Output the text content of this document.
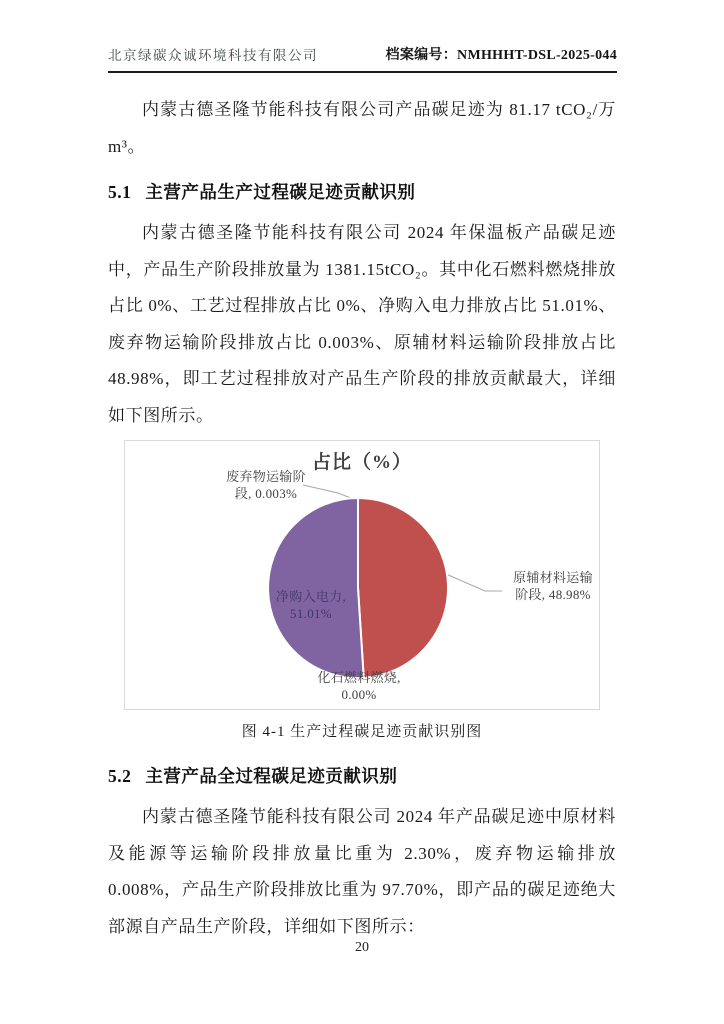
北京绿碳众诚环境科技有限公司	档案编号：NMHHHT-DSL-2025-044

内蒙古德圣隆节能科技有限公司产品碳足迹为 81.17 tCO₂/万 m³。

5.1 主营产品生产过程碳足迹贡献识别

内蒙古德圣隆节能科技有限公司 2024 年保温板产品碳足迹中，产品生产阶段排放量为 1381.15tCO₂。其中化石燃料燃烧排放占比 0%、工艺过程排放占比 0%、净购入电力排放占比 51.01%、废弃物运输阶段排放占比 0.003%、原辅材料运输阶段排放占比 48.98%，即工艺过程排放对产品生产阶段的排放贡献最大，详细如下图所示。

占比（%）
废弃物运输阶
段, 0.003%
原辅材料运输
阶段, 48.98%
净购入电力,
51.01%
化石燃料燃烧,
0.00%
图 4-1 生产过程碳足迹贡献识别图
5.2 主营产品全过程碳足迹贡献识别

内蒙古德圣隆节能科技有限公司 2024 年产品碳足迹中原材料及能源等运输阶段排放量比重为 2.30%，废弃物运输排放 0.008%，产品生产阶段排放比重为 97.70%，即产品的碳足迹绝大部源自产品生产阶段，详细如下图所示：

20
